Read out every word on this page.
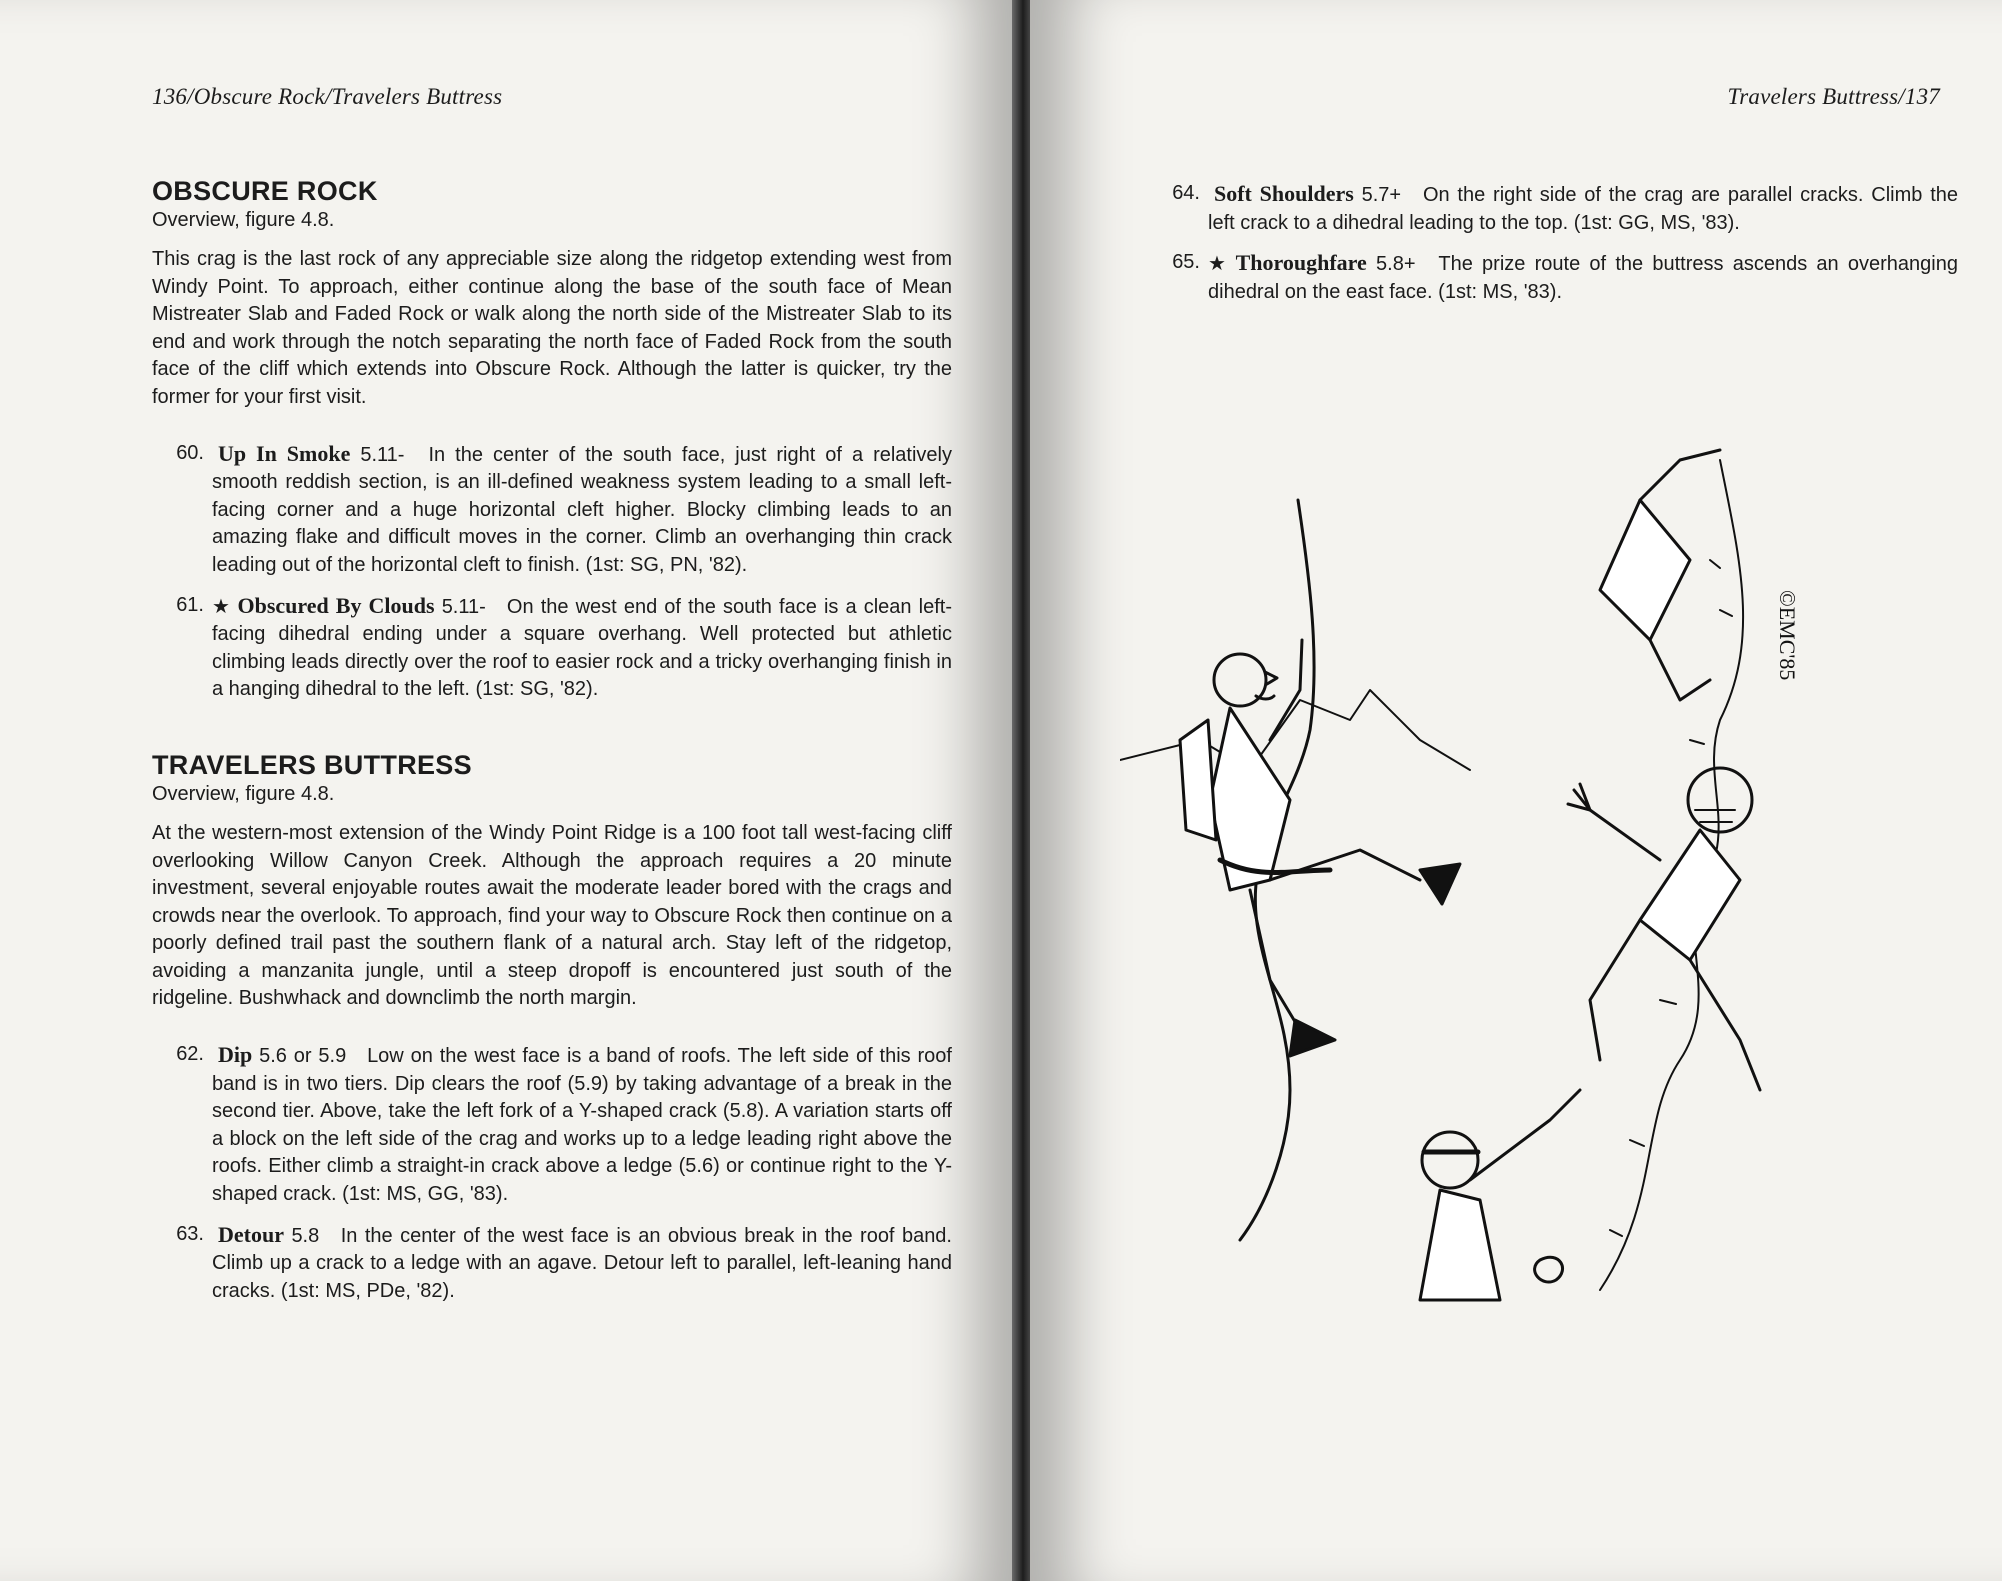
136/Obscure Rock/Travelers Buttress
OBSCURE ROCK
Overview, figure 4.8.

This crag is the last rock of any appreciable size along the ridgetop extending west from Windy Point. To approach, either continue along the base of the south face of Mean Mistreater Slab and Faded Rock or walk along the north side of the Mistreater Slab to its end and work through the notch separating the north face of Faded Rock from the south face of the cliff which extends into Obscure Rock. Although the latter is quicker, try the former for your first visit.

60. Up In Smoke 5.11- In the center of the south face, just right of a relatively smooth reddish section, is an ill-defined weakness system leading to a small left-facing corner and a huge horizontal cleft higher. Blocky climbing leads to an amazing flake and difficult moves in the corner. Climb an overhanging thin crack leading out of the horizontal cleft to finish. (1st: SG, PN, '82).
61. ★ Obscured By Clouds 5.11- On the west end of the south face is a clean left-facing dihedral ending under a square overhang. Well protected but athletic climbing leads directly over the roof to easier rock and a tricky overhanging finish in a hanging dihedral to the left. (1st: SG, '82).
TRAVELERS BUTTRESS
Overview, figure 4.8.

At the western-most extension of the Windy Point Ridge is a 100 foot tall west-facing cliff overlooking Willow Canyon Creek. Although the approach requires a 20 minute investment, several enjoyable routes await the moderate leader bored with the crags and crowds near the overlook. To approach, find your way to Obscure Rock then continue on a poorly defined trail past the southern flank of a natural arch. Stay left of the ridgetop, avoiding a manzanita jungle, until a steep dropoff is encountered just south of the ridgeline. Bushwhack and downclimb the north margin.

62. Dip 5.6 or 5.9 Low on the west face is a band of roofs. The left side of this roof band is in two tiers. Dip clears the roof (5.9) by taking advantage of a break in the second tier. Above, take the left fork of a Y-shaped crack (5.8). A variation starts off a block on the left side of the crag and works up to a ledge leading right above the roofs. Either climb a straight-in crack above a ledge (5.6) or continue right to the Y-shaped crack. (1st: MS, GG, '83).
63. Detour 5.8 In the center of the west face is an obvious break in the roof band. Climb up a crack to a ledge with an agave. Detour left to parallel, left-leaning hand cracks. (1st: MS, PDe, '82).
Travelers Buttress/137
64. Soft Shoulders 5.7+ On the right side of the crag are parallel cracks. Climb the left crack to a dihedral leading to the top. (1st: GG, MS, '83).
65. ★ Thoroughfare 5.8+ The prize route of the buttress ascends an overhanging dihedral on the east face. (1st: MS, '83).
©EMC'85
